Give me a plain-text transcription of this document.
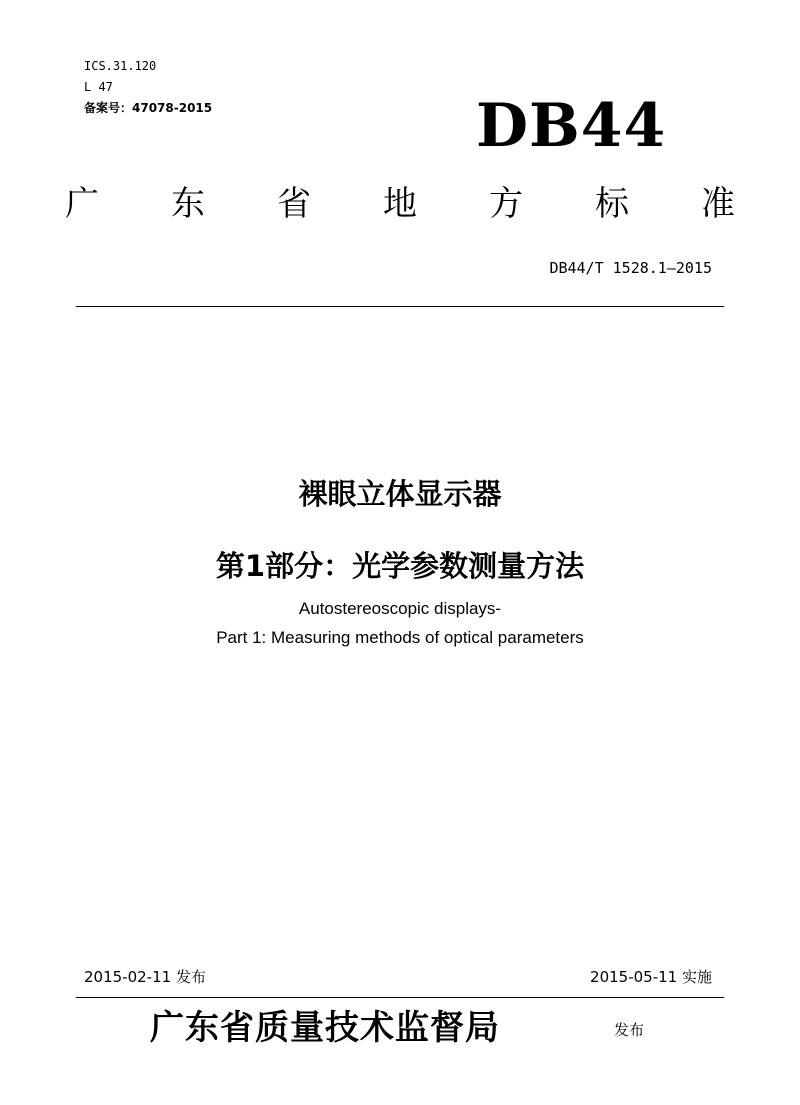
ICS.31.120
L 47
备案号：47078-2015	DB44
广 东 省 地 方 标 准
DB44/T 1528.1—2015
裸眼立体显示器
第1部分：光学参数测量方法
Autostereoscopic displays-
Part 1: Measuring methods of optical parameters
2015-02-11 发布	2015-05-11 实施
广东省质量技术监督局	发布
